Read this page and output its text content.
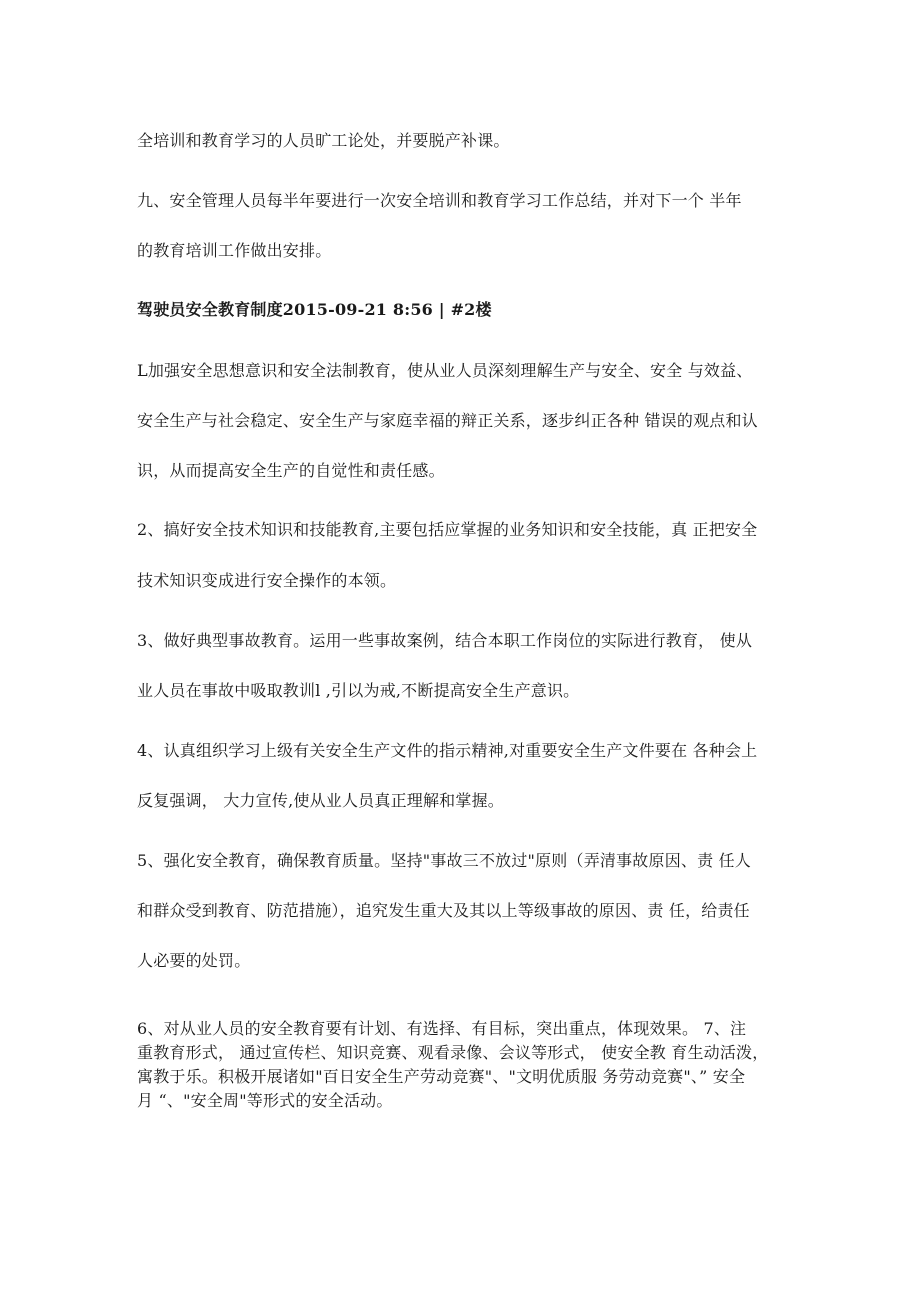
全培训和教育学习的人员旷工论处，并要脱产补课。
九、安全管理人员每半年要进行一次安全培训和教育学习工作总结，并对下一个 半年
的教育培训工作做出安排。
驾驶员安全教育制度2015-09-21 8:56 | #2楼
L加强安全思想意识和安全法制教育，使从业人员深刻理解生产与安全、安全 与效益、
安全生产与社会稳定、安全生产与家庭幸福的辩正关系，逐步纠正各种 错误的观点和认
识，从而提高安全生产的自觉性和责任感。
2、搞好安全技术知识和技能教育,主要包括应掌握的业务知识和安全技能，真 正把安全
技术知识变成进行安全操作的本领。
3、做好典型事故教育。运用一些事故案例，结合本职工作岗位的实际进行教育， 使从
业人员在事故中吸取教训l ,引以为戒,不断提高安全生产意识。
4、认真组织学习上级有关安全生产文件的指示精神,对重要安全生产文件要在 各种会上
反复强调， 大力宣传,使从业人员真正理解和掌握。
5、强化安全教育，确保教育质量。坚持"事故三不放过"原则（弄清事故原因、责 任人
和群众受到教育、防范措施），追究发生重大及其以上等级事故的原因、责 任，给责任
人必要的处罚。
6、对从业人员的安全教育要有计划、有选择、有目标，突出重点，体现效果。 7、注
重教育形式， 通过宣传栏、知识竞赛、观看录像、会议等形式， 使安全教 育生动活泼，
寓教于乐。积极开展诸如"百日安全生产劳动竞赛"、"文明优质服 务劳动竞赛"、” 安全
月 “、"安全周"等形式的安全活动。
